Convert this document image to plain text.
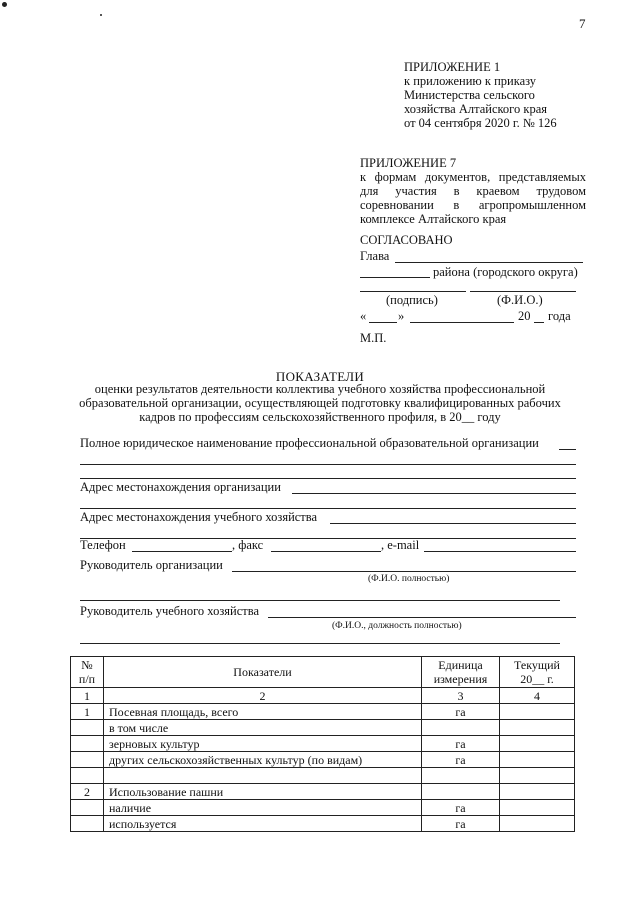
7
ПРИЛОЖЕНИЕ 1
к приложению к приказу
Министерства сельского
хозяйства Алтайского края
от 04 сентября 2020 г. № 126
ПРИЛОЖЕНИЕ 7
к формам документов, представляемых для участия в краевом трудовом соревновании в агропромышленном комплексе Алтайского края
СОГЛАСОВАНО
Глава
района (городского округа)
(подпись)	(Ф.И.О.)
«	»	20 года
М.П.
ПОКАЗАТЕЛИ
оценки результатов деятельности коллектива учебного хозяйства профессиональной
образовательной организации, осуществляющей подготовку квалифицированных рабочих
кадров по профессиям сельскохозяйственного профиля, в 20__ году
Полное юридическое наименование профессиональной образовательной организации
Адрес местонахождения организации
Адрес местонахождения учебного хозяйства
Телефон	, факс	, e-mail
Руководитель организации
(Ф.И.О. полностью)
Руководитель учебного хозяйства
(Ф.И.О., должность полностью)
№ п/п	Показатели	Единица измерения	Текущий 20__ г.
1	2	3	4
1	Посевная площадь, всего	га	
	в том числе		
	зерновых культур	га	
	других сельскохозяйственных культур (по видам)	га	

2	Использование пашни		
	наличие	га	
	используется	га	
